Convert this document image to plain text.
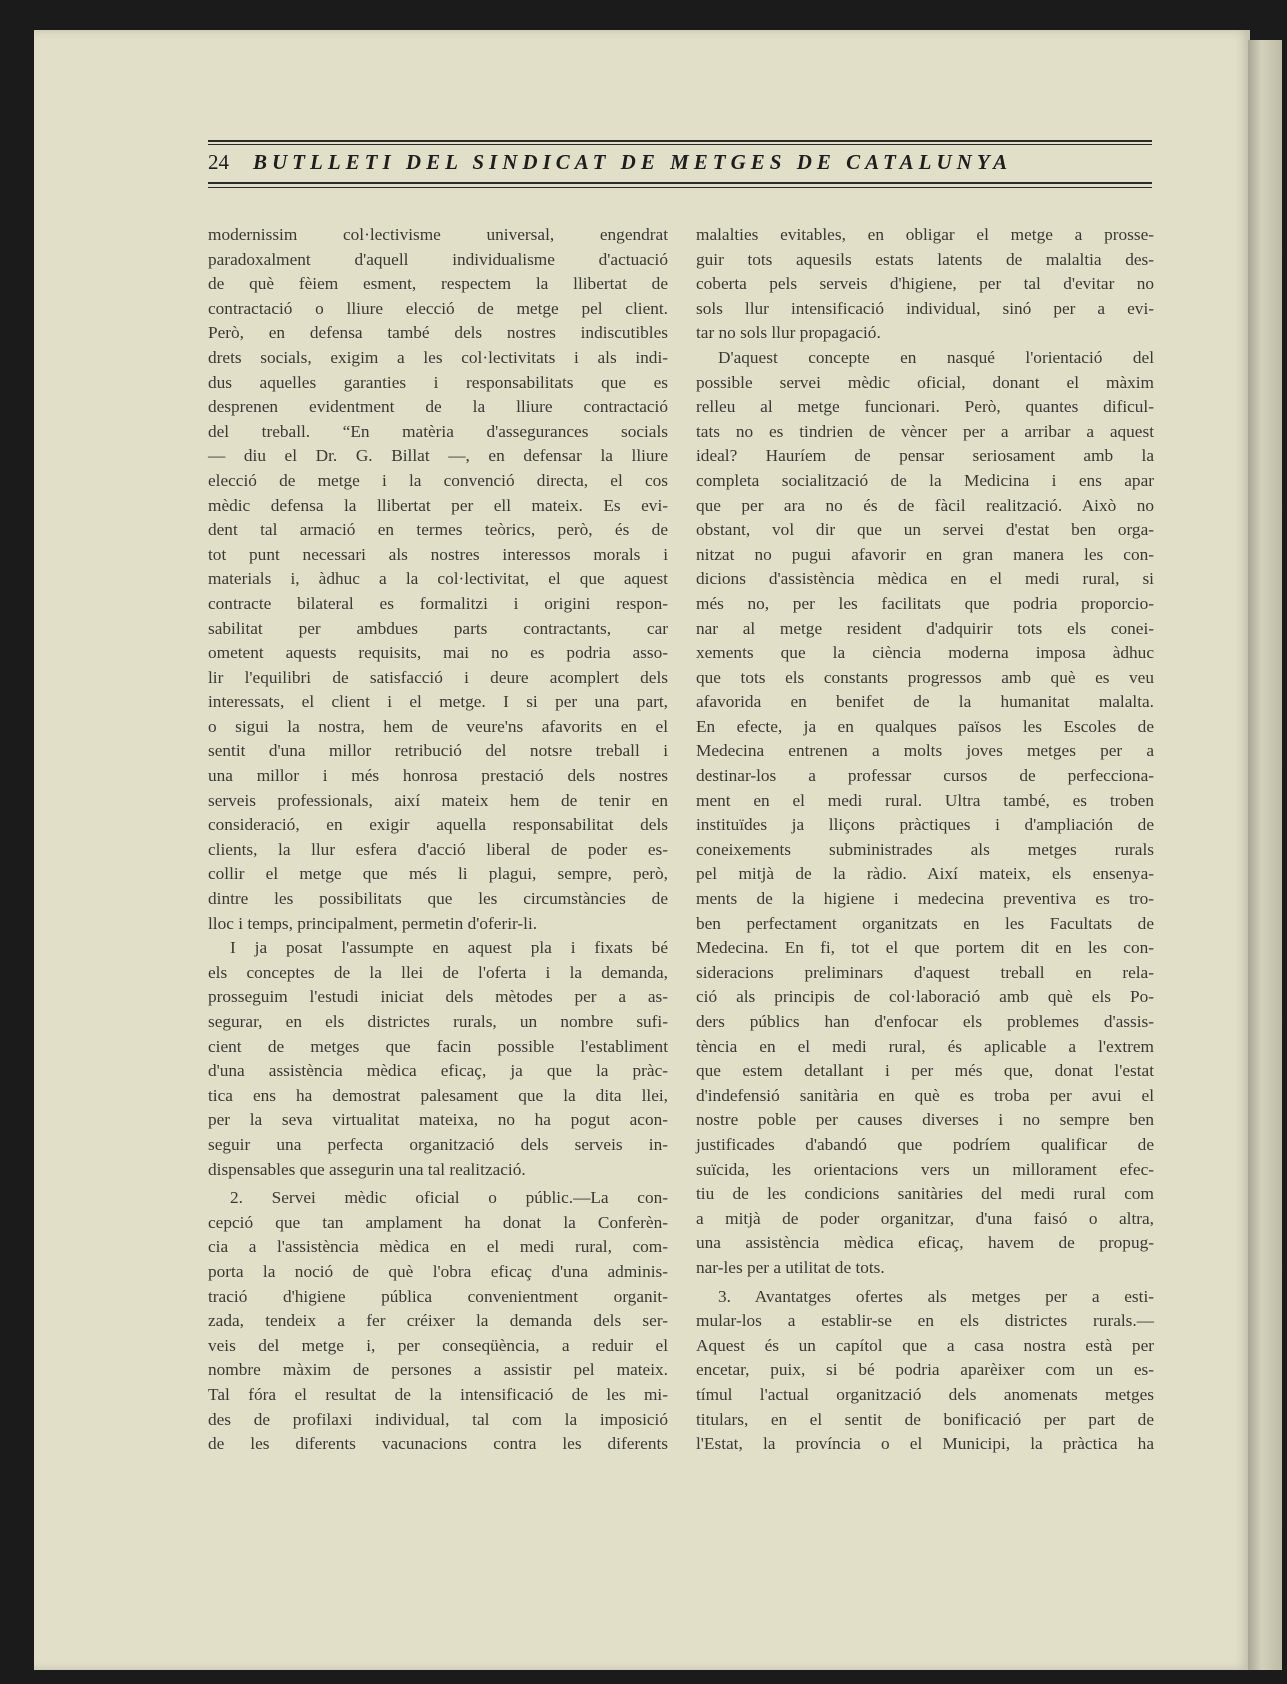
24 BUTLLETI DEL SINDICAT DE METGES DE CATALUNYA
modernissim col·lectivisme universal, engendrat
paradoxalment d'aquell individualisme d'actuació
de què fèiem esment, respectem la llibertat de
contractació o lliure elecció de metge pel client.
Però, en defensa també dels nostres indiscutibles
drets socials, exigim a les col·lectivitats i als indi-
dus aquelles garanties i responsabilitats que es
desprenen evidentment de la lliure contractació
del treball. “En matèria d'assegurances socials
— diu el Dr. G. Billat —, en defensar la lliure
elecció de metge i la convenció directa, el cos
mèdic defensa la llibertat per ell mateix. Es evi-
dent tal armació en termes teòrics, però, és de
tot punt necessari als nostres interessos morals i
materials i, àdhuc a la col·lectivitat, el que aquest
contracte bilateral es formalitzi i origini respon-
sabilitat per ambdues parts contractants, car
ometent aquests requisits, mai no es podria asso-
lir l'equilibri de satisfacció i deure acomplert dels
interessats, el client i el metge. I si per una part,
o sigui la nostra, hem de veure'ns afavorits en el
sentit d'una millor retribució del notsre treball i
una millor i més honrosa prestació dels nostres
serveis professionals, així mateix hem de tenir en
consideració, en exigir aquella responsabilitat dels
clients, la llur esfera d'acció liberal de poder es-
collir el metge que més li plagui, sempre, però,
dintre les possibilitats que les circumstàncies de
lloc i temps, principalment, permetin d'oferir-li.
I ja posat l'assumpte en aquest pla i fixats bé
els conceptes de la llei de l'oferta i la demanda,
prosseguim l'estudi iniciat dels mètodes per a as-
segurar, en els districtes rurals, un nombre sufi-
cient de metges que facin possible l'establiment
d'una assistència mèdica eficaç, ja que la pràc-
tica ens ha demostrat palesament que la dita llei,
per la seva virtualitat mateixa, no ha pogut acon-
seguir una perfecta organització dels serveis in-
dispensables que assegurin una tal realització.
2. Servei mèdic oficial o públic.—La con-
cepció que tan amplament ha donat la Conferèn-
cia a l'assistència mèdica en el medi rural, com-
porta la noció de què l'obra eficaç d'una adminis-
tració d'higiene pública convenientment organit-
zada, tendeix a fer créixer la demanda dels ser-
veis del metge i, per conseqüència, a reduir el
nombre màxim de persones a assistir pel mateix.
Tal fóra el resultat de la intensificació de les mi-
des de profilaxi individual, tal com la imposició
de les diferents vacunacions contra les diferents
malalties evitables, en obligar el metge a prosse-
guir tots aquesils estats latents de malaltia des-
coberta pels serveis d'higiene, per tal d'evitar no
sols llur intensificació individual, sinó per a evi-
tar no sols llur propagació.
D'aquest concepte en nasqué l'orientació del
possible servei mèdic oficial, donant el màxim
relleu al metge funcionari. Però, quantes dificul-
tats no es tindrien de vèncer per a arribar a aquest
ideal? Hauríem de pensar seriosament amb la
completa socialització de la Medicina i ens apar
que per ara no és de fàcil realització. Això no
obstant, vol dir que un servei d'estat ben orga-
nitzat no pugui afavorir en gran manera les con-
dicions d'assistència mèdica en el medi rural, si
més no, per les facilitats que podria proporcio-
nar al metge resident d'adquirir tots els conei-
xements que la ciència moderna imposa àdhuc
que tots els constants progressos amb què es veu
afavorida en benifet de la humanitat malalta.
En efecte, ja en qualques països les Escoles de
Medecina entrenen a molts joves metges per a
destinar-los a professar cursos de perfecciona-
ment en el medi rural. Ultra també, es troben
instituïdes ja lliçons pràctiques i d'ampliación de
coneixements subministrades als metges rurals
pel mitjà de la ràdio. Així mateix, els ensenya-
ments de la higiene i medecina preventiva es tro-
ben perfectament organitzats en les Facultats de
Medecina. En fi, tot el que portem dit en les con-
sideracions preliminars d'aquest treball en rela-
ció als principis de col·laboració amb què els Po-
ders públics han d'enfocar els problemes d'assis-
tència en el medi rural, és aplicable a l'extrem
que estem detallant i per més que, donat l'estat
d'indefensió sanitària en què es troba per avui el
nostre poble per causes diverses i no sempre ben
justificades d'abandó que podríem qualificar de
suïcida, les orientacions vers un millorament efec-
tiu de les condicions sanitàries del medi rural com
a mitjà de poder organitzar, d'una faisó o altra,
una assistència mèdica eficaç, havem de propug-
nar-les per a utilitat de tots.
3. Avantatges ofertes als metges per a esti-
mular-los a establir-se en els districtes rurals.—
Aquest és un capítol que a casa nostra està per
encetar, puix, si bé podria aparèixer com un es-
tímul l'actual organització dels anomenats metges
titulars, en el sentit de bonificació per part de
l'Estat, la província o el Municipi, la pràctica ha
